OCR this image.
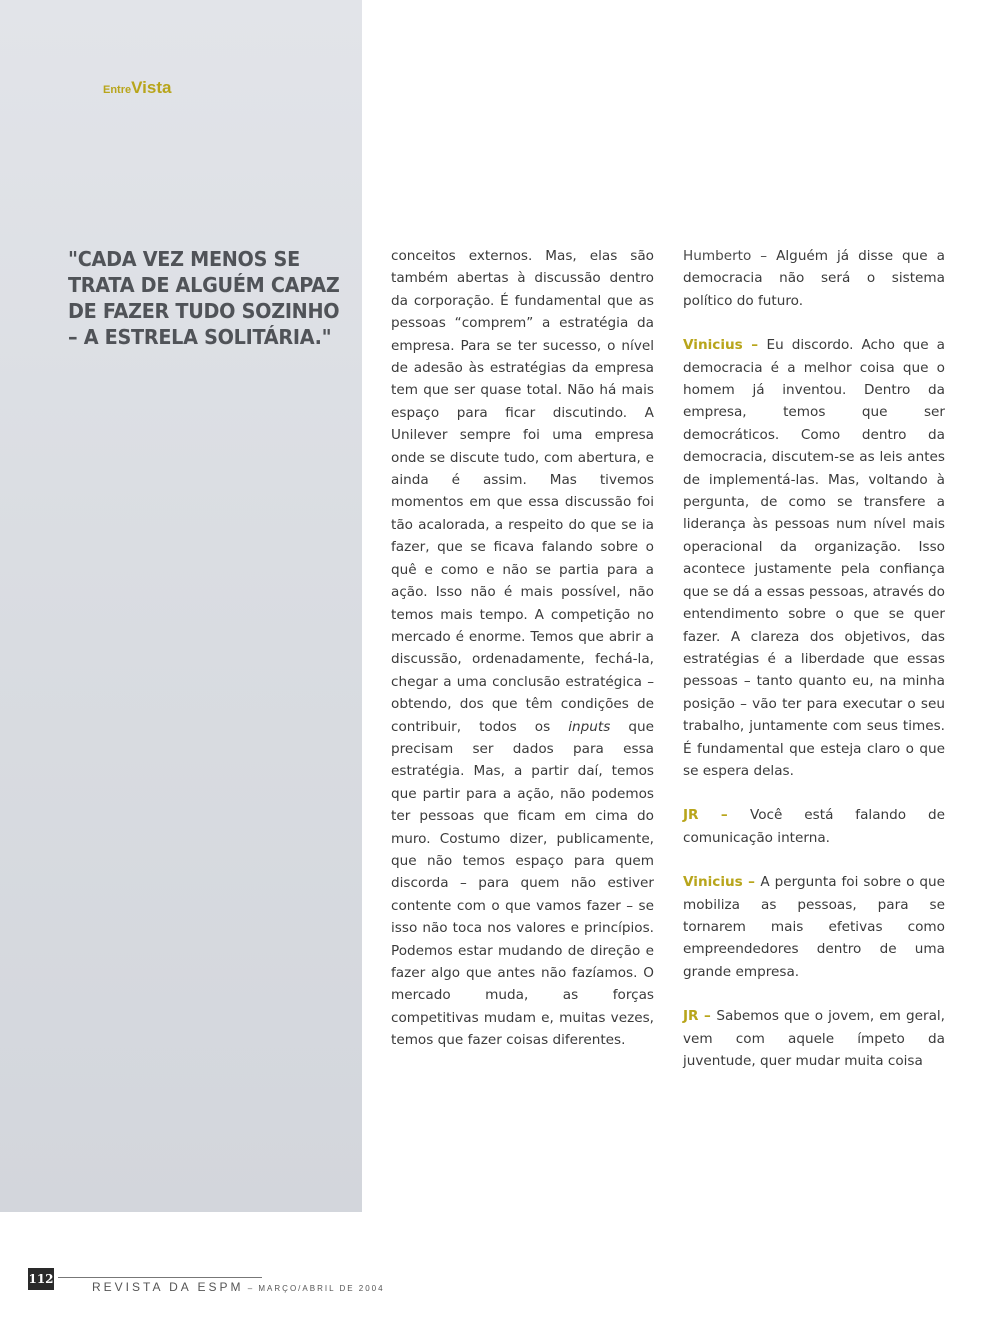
EntreVista
"CADA VEZ MENOS SE TRATA DE ALGUÉM CAPAZ DE FAZER TUDO SOZINHO – A ESTRELA SOLITÁRIA."

conceitos externos. Mas, elas são também abertas à discussão dentro da corporação. É fundamental que as pessoas “comprem” a estratégia da empresa. Para se ter sucesso, o nível de adesão às estratégias da empresa tem que ser quase total. Não há mais espaço para ficar discutindo. A Unilever sempre foi uma empresa onde se discute tudo, com abertura, e ainda é assim. Mas tivemos momentos em que essa discussão foi tão acalorada, a respeito do que se ia fazer, que se ficava falando sobre o quê e como e não se partia para a ação. Isso não é mais possível, não temos mais tempo. A competição no mercado é enorme. Temos que abrir a discussão, ordenadamente, fechá-la, chegar a uma conclusão estratégica – obtendo, dos que têm condições de contribuir, todos os inputs que precisam ser dados para essa estratégia. Mas, a partir daí, temos que partir para a ação, não podemos ter pessoas que ficam em cima do muro. Costumo dizer, publicamente, que não temos espaço para quem discorda – para quem não estiver contente com o que vamos fazer – se isso não toca nos valores e princípios. Podemos estar mudando de direção e fazer algo que antes não fazíamos. O mercado muda, as forças competitivas mudam e, muitas vezes, temos que fazer coisas diferentes.

Humberto – Alguém já disse que a democracia não será o sistema político do futuro.

Vinicius – Eu discordo. Acho que a democracia é a melhor coisa que o homem já inventou. Dentro da empresa, temos que ser democráticos. Como dentro da democracia, discutem-se as leis antes de implementá-las. Mas, voltando à pergunta, de como se transfere a liderança às pessoas num nível mais operacional da organização. Isso acontece justamente pela confiança que se dá a essas pessoas, através do entendimento sobre o que se quer fazer. A clareza dos objetivos, das estratégias é a liberdade que essas pessoas – tanto quanto eu, na minha posição – vão ter para executar o seu trabalho, juntamente com seus times. É fundamental que esteja claro o que se espera delas.

JR – Você está falando de comunicação interna.

Vinicius – A pergunta foi sobre o que mobiliza as pessoas, para se tornarem mais efetivas como empreendedores dentro de uma grande empresa.

JR – Sabemos que o jovem, em geral, vem com aquele ímpeto da juventude, quer mudar muita coisa

112
REVISTA DA ESPM – MARÇO/ABRIL DE 2004
